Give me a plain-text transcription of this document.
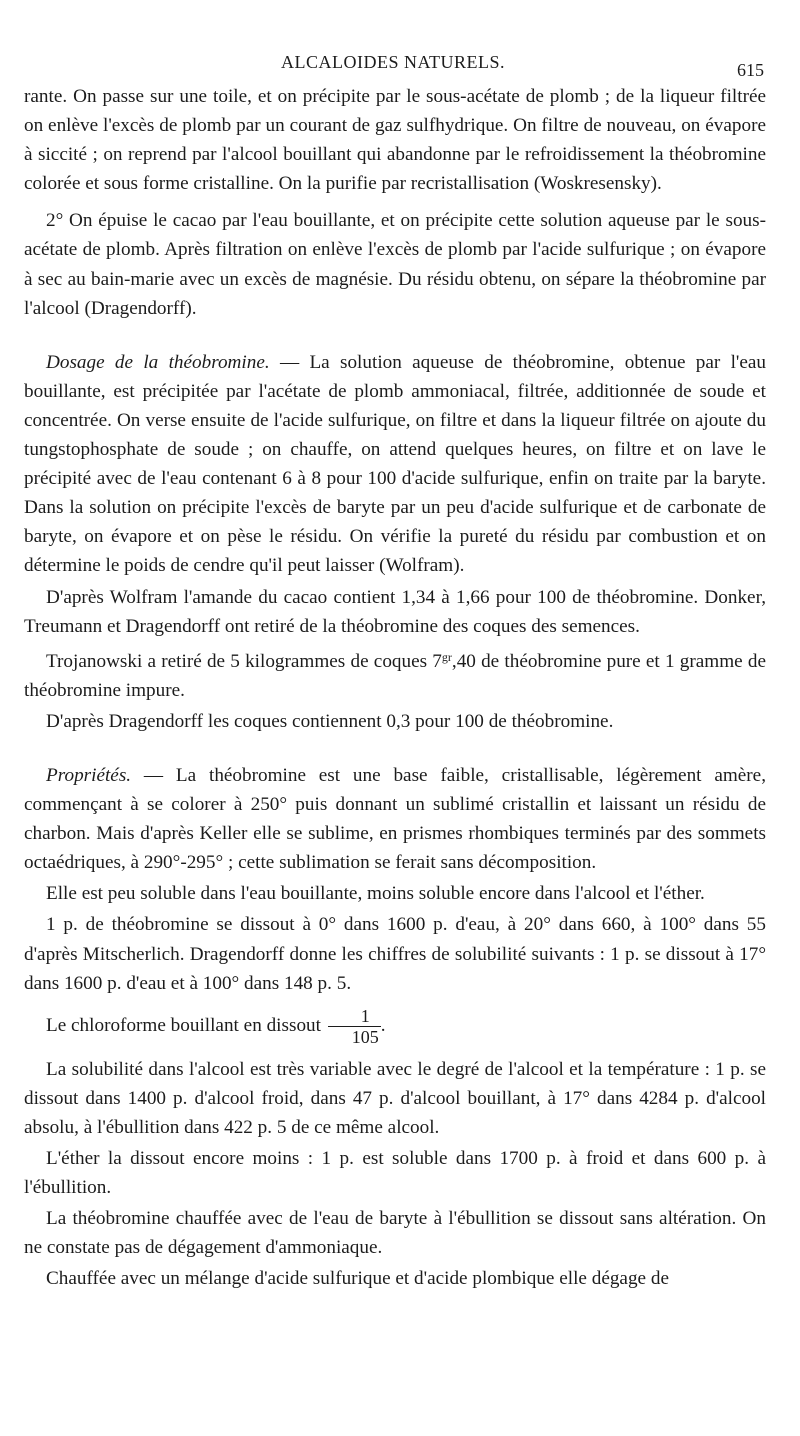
ALCALOIDES NATURELS.	615

rante. On passe sur une toile, et on précipite par le sous-acétate de plomb ; de la liqueur filtrée on enlève l'excès de plomb par un courant de gaz sulfhydrique. On filtre de nouveau, on évapore à siccité ; on reprend par l'alcool bouillant qui abandonne par le refroidissement la théobromine colorée et sous forme cristalline. On la purifie par recristallisation (Woskresensky).

2° On épuise le cacao par l'eau bouillante, et on précipite cette solution aqueuse par le sous-acétate de plomb. Après filtration on enlève l'excès de plomb par l'acide sulfurique ; on évapore à sec au bain-marie avec un excès de magnésie. Du résidu obtenu, on sépare la théobromine par l'alcool (Dragendorff).

Dosage de la théobromine. — La solution aqueuse de théobromine, obtenue par l'eau bouillante, est précipitée par l'acétate de plomb ammoniacal, filtrée, additionnée de soude et concentrée. On verse ensuite de l'acide sulfurique, on filtre et dans la liqueur filtrée on ajoute du tungstophosphate de soude ; on chauffe, on attend quelques heures, on filtre et on lave le précipité avec de l'eau contenant 6 à 8 pour 100 d'acide sulfurique, enfin on traite par la baryte. Dans la solution on précipite l'excès de baryte par un peu d'acide sulfurique et de carbonate de baryte, on évapore et on pèse le résidu. On vérifie la pureté du résidu par combustion et on détermine le poids de cendre qu'il peut laisser (Wolfram).

D'après Wolfram l'amande du cacao contient 1,34 à 1,66 pour 100 de théobromine. Donker, Treumann et Dragendorff ont retiré de la théobromine des coques des semences.

Trojanowski a retiré de 5 kilogrammes de coques $7^{gr},40$ de théobromine pure et 1 gramme de théobromine impure.

D'après Dragendorff les coques contiennent 0,3 pour 100 de théobromine.

Propriétés. — La théobromine est une base faible, cristallisable, légèrement amère, commençant à se colorer à 250° puis donnant un sublimé cristallin et laissant un résidu de charbon. Mais d'après Keller elle se sublime, en prismes rhombiques terminés par des sommets octaédriques, à 290°-295° ; cette sublimation se ferait sans décomposition.

Elle est peu soluble dans l'eau bouillante, moins soluble encore dans l'alcool et l'éther.

1 p. de théobromine se dissout à 0° dans 1600 p. d'eau, à 20° dans 660, à 100° dans 55 d'après Mitscherlich. Dragendorff donne les chiffres de solubilité suivants : 1 p. se dissout à 17° dans 1600 p. d'eau et à 100° dans 148 p. 5.

Le chloroforme bouillant en dissout $\frac{1}{105}$ .

La solubilité dans l'alcool est très variable avec le degré de l'alcool et la température : 1 p. se dissout dans 1400 p. d'alcool froid, dans 47 p. d'alcool bouillant, à 17° dans 4284 p. d'alcool absolu, à l'ébullition dans 422 p. 5 de ce même alcool.

L'éther la dissout encore moins : 1 p. est soluble dans 1700 p. à froid et dans 600 p. à l'ébullition.

La théobromine chauffée avec de l'eau de baryte à l'ébullition se dissout sans altération. On ne constate pas de dégagement d'ammoniaque.

Chauffée avec un mélange d'acide sulfurique et d'acide plombique elle dégage de
